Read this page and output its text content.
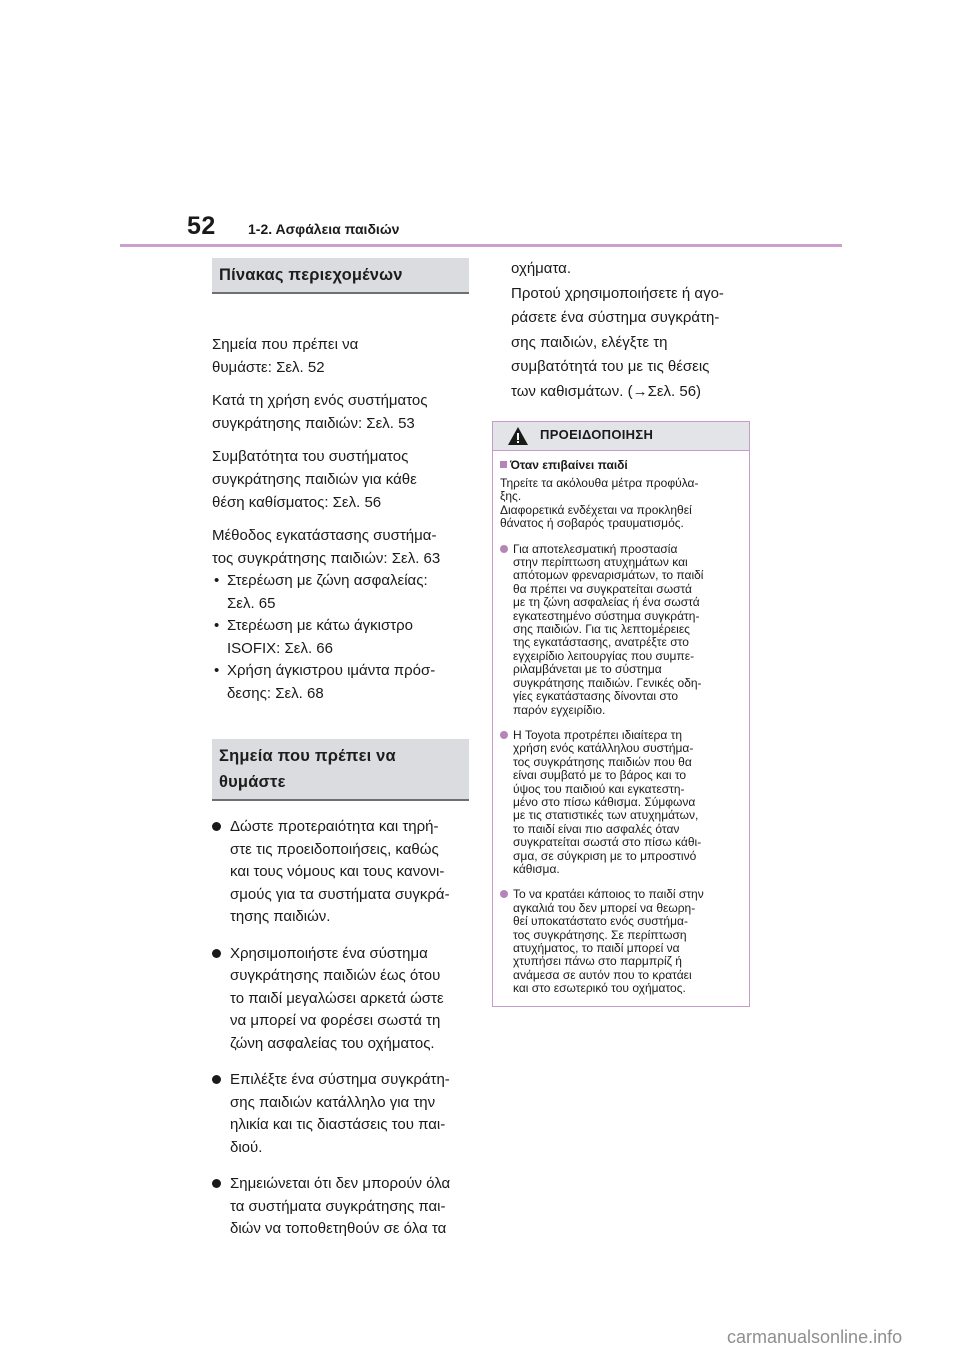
52 1-2. Ασφάλεια παιδιών
Πίνακας περιεχομένων
Σημεία που πρέπει να
θυμάστε: Σελ. 52
Κατά τη χρήση ενός συστήματος
συγκράτησης παιδιών: Σελ. 53
Συμβατότητα του συστήματος
συγκράτησης παιδιών για κάθε
θέση καθίσματος: Σελ. 56
Μέθοδος εγκατάστασης συστήμα-
τος συγκράτησης παιδιών: Σελ. 63
• Στερέωση με ζώνη ασφαλείας:
Σελ. 65
• Στερέωση με κάτω άγκιστρο
ISOFIX: Σελ. 66
• Χρήση άγκιστρου ιμάντα πρόσ-
δεσης: Σελ. 68
Σημεία που πρέπει να
θυμάστε
Δώστε προτεραιότητα και τηρή-
στε τις προειδοποιήσεις, καθώς
και τους νόμους και τους κανονι-
σμούς για τα συστήματα συγκρά-
τησης παιδιών.
Χρησιμοποιήστε ένα σύστημα
συγκράτησης παιδιών έως ότου
το παιδί μεγαλώσει αρκετά ώστε
να μπορεί να φορέσει σωστά τη
ζώνη ασφαλείας του οχήματος.
Επιλέξτε ένα σύστημα συγκράτη-
σης παιδιών κατάλληλο για την
ηλικία και τις διαστάσεις του παι-
διού.
Σημειώνεται ότι δεν μπορούν όλα
τα συστήματα συγκράτησης παι-
διών να τοποθετηθούν σε όλα τα
οχήματα.
Προτού χρησιμοποιήσετε ή αγο-
ράσετε ένα σύστημα συγκράτη-
σης παιδιών, ελέγξτε τη
συμβατότητά του με τις θέσεις
των καθισμάτων. (→Σελ. 56)
ΠΡΟΕΙΔΟΠΟΙΗΣΗ
Όταν επιβαίνει παιδί
Τηρείτε τα ακόλουθα μέτρα προφύλα-
ξης.
Διαφορετικά ενδέχεται να προκληθεί
θάνατος ή σοβαρός τραυματισμός.
Για αποτελεσματική προστασία
στην περίπτωση ατυχημάτων και
απότομων φρεναρισμάτων, το παιδί
θα πρέπει να συγκρατείται σωστά
με τη ζώνη ασφαλείας ή ένα σωστά
εγκατεστημένο σύστημα συγκράτη-
σης παιδιών. Για τις λεπτομέρειες
της εγκατάστασης, ανατρέξτε στο
εγχειρίδιο λειτουργίας που συμπε-
ριλαμβάνεται με το σύστημα
συγκράτησης παιδιών. Γενικές οδη-
γίες εγκατάστασης δίνονται στο
παρόν εγχειρίδιο.
Η Toyota προτρέπει ιδιαίτερα τη
χρήση ενός κατάλληλου συστήμα-
τος συγκράτησης παιδιών που θα
είναι συμβατό με το βάρος και το
ύψος του παιδιού και εγκατεστη-
μένο στο πίσω κάθισμα. Σύμφωνα
με τις στατιστικές των ατυχημάτων,
το παιδί είναι πιο ασφαλές όταν
συγκρατείται σωστά στο πίσω κάθι-
σμα, σε σύγκριση με το μπροστινό
κάθισμα.
Το να κρατάει κάποιος το παιδί στην
αγκαλιά του δεν μπορεί να θεωρη-
θεί υποκατάστατο ενός συστήμα-
τος συγκράτησης. Σε περίπτωση
ατυχήματος, το παιδί μπορεί να
χτυπήσει πάνω στο παρμπρίζ ή
ανάμεσα σε αυτόν που το κρατάει
και στο εσωτερικό του οχήματος.
carmanualsonline.info
